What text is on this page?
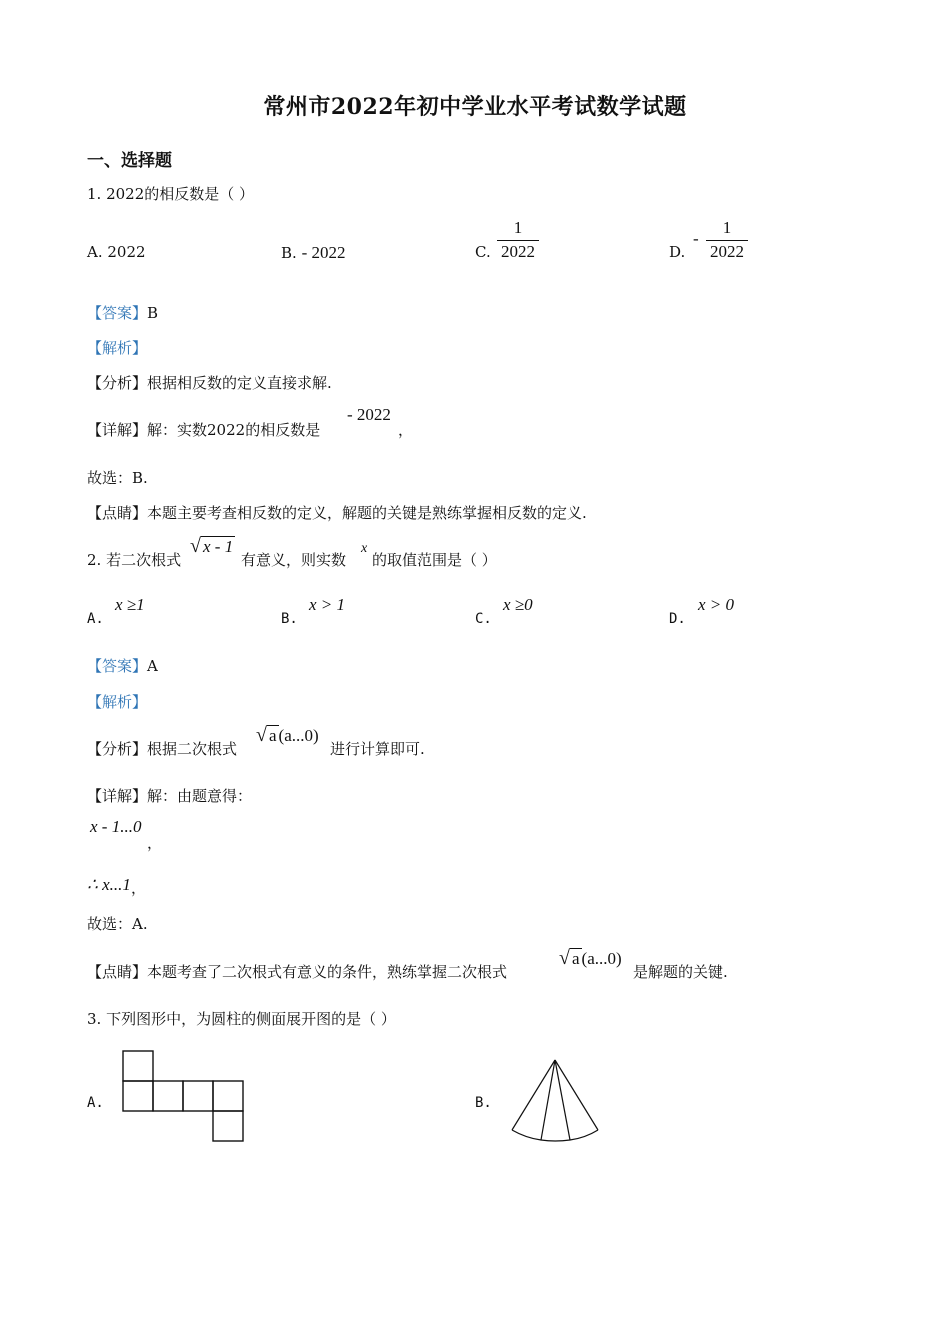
常州市2022年初中学业水平考试数学试题
一、选择题
1. 2022的相反数是（ ）
A. 2022	B. - 2022	C.
1
2022	D.
-
1
2022
【答案】B
【解析】
【分析】根据相反数的定义直接求解.
【详解】解：实数2022的相反数是
- 2022
，
故选：B.
【点睛】本题主要考查相反数的定义，解题的关键是熟练掌握相反数的定义.
2. 若二次根式
√ x - 1
有意义，则实数
x
的取值范围是（ ）
A.
x ≥1
B.
x > 1
C.
x ≥0
D.
x > 0
【答案】A
【解析】
【分析】根据二次根式
√ a (a...0)
进行计算即可.
【详解】解：由题意得：
x - 1...0
，
∴ x...1 ，
故选：A.
【点睛】本题考查了二次根式有意义的条件，熟练掌握二次根式
√ a (a...0)
是解题的关键.
3. 下列图形中，为圆柱的侧面展开图的是（ ）
A.	B.
